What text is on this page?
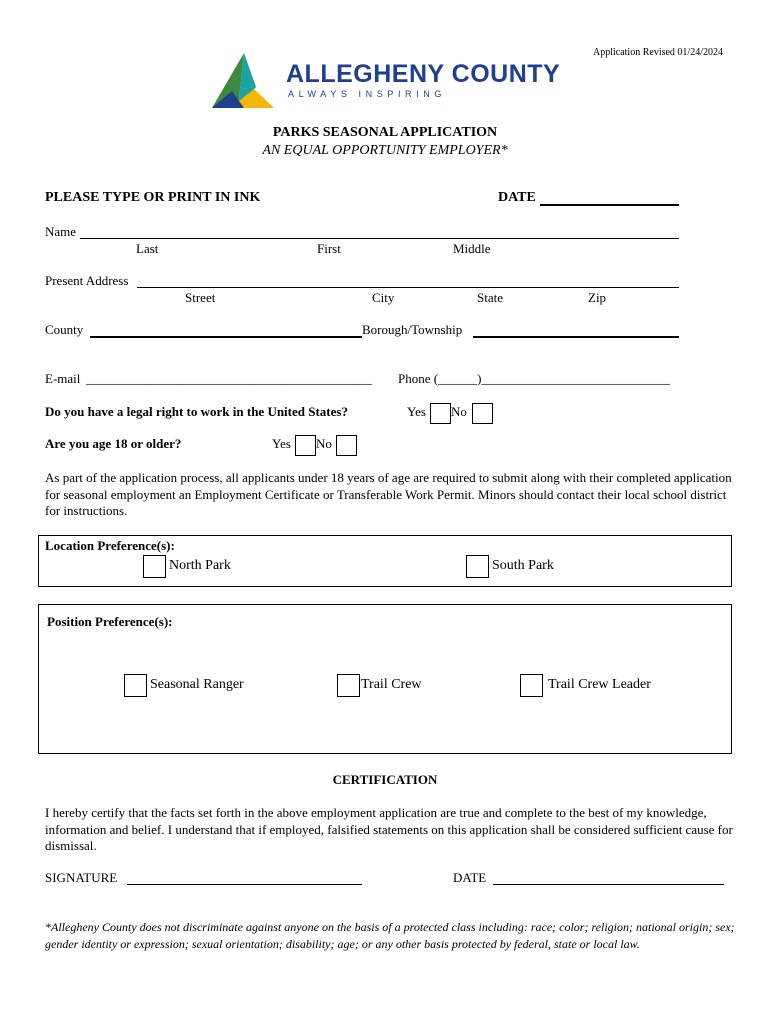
Application Revised 01/24/2024
ALLEGHENY COUNTY
ALWAYS INSPIRING
PARKS SEASONAL APPLICATION
AN EQUAL OPPORTUNITY EMPLOYER*
PLEASE TYPE OR PRINT IN INK	DATE
Name
Last	First	Middle
Present Address
Street	City	State	Zip
County	Borough/Township
E-mail ____________________________________________	Phone (______)_____________________________
Do you have a legal right to work in the United States?	Yes No
Are you age 18 or older?	Yes No
As part of the application process, all applicants under 18 years of age are required to submit along with their completed application for seasonal employment an Employment Certificate or Transferable Work Permit. Minors should contact their local school district for instructions.
Location Preference(s):
North Park	South Park
Position Preference(s):
Seasonal Ranger	Trail Crew	Trail Crew Leader
CERTIFICATION
I hereby certify that the facts set forth in the above employment application are true and complete to the best of my knowledge, information and belief. I understand that if employed, falsified statements on this application shall be considered sufficient cause for dismissal.
SIGNATURE	DATE
*Allegheny County does not discriminate against anyone on the basis of a protected class including: race; color; religion; national origin; sex; gender identity or expression; sexual orientation; disability; age; or any other basis protected by federal, state or local law.
